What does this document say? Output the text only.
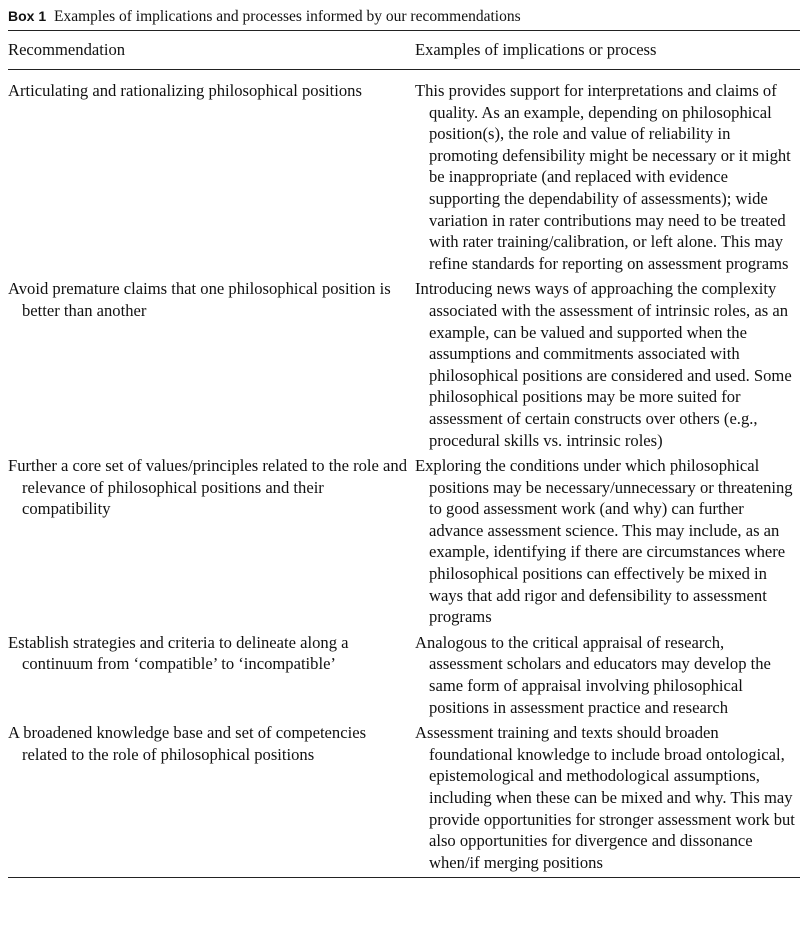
Box 1 Examples of implications and processes informed by our recommendations
Recommendation	Examples of implications or process

Articulating and rationalizing philosophical positions	This provides support for interpretations and claims of quality. As an example, depending on philosophical position(s), the role and value of reliability in promoting defensibility might be necessary or it might be inappropriate (and replaced with evidence supporting the dependability of assessments); wide variation in rater contributions may need to be treated with rater training/calibration, or left alone. This may refine standards for reporting on assessment programs

Avoid premature claims that one philosophical position is better than another

Introducing news ways of approaching the complexity associated with the assessment of intrinsic roles, as an example, can be valued and supported when the assumptions and commitments associated with philosophical positions are considered and used. Some philosophical positions may be more suited for assessment of certain constructs over others (e.g., procedural skills vs. intrinsic roles)

Further a core set of values/principles related to the role and relevance of philosophical positions and their compatibility

Exploring the conditions under which philosophical positions may be necessary/unnecessary or threatening to good assessment work (and why) can further advance assessment science. This may include, as an example, identifying if there are circumstances where philosophical positions can effectively be mixed in ways that add rigor and defensibility to assessment programs

Establish strategies and criteria to delineate along a continuum from ‘compatible’ to ‘incompatible’

Analogous to the critical appraisal of research, assessment scholars and educators may develop the same form of appraisal involving philosophical positions in assessment practice and research

A broadened knowledge base and set of competencies related to the role of philosophical positions

Assessment training and texts should broaden foundational knowledge to include broad ontological, epistemological and methodological assumptions, including when these can be mixed and why. This may provide opportunities for stronger assessment work but also opportunities for divergence and dissonance when/if merging positions
